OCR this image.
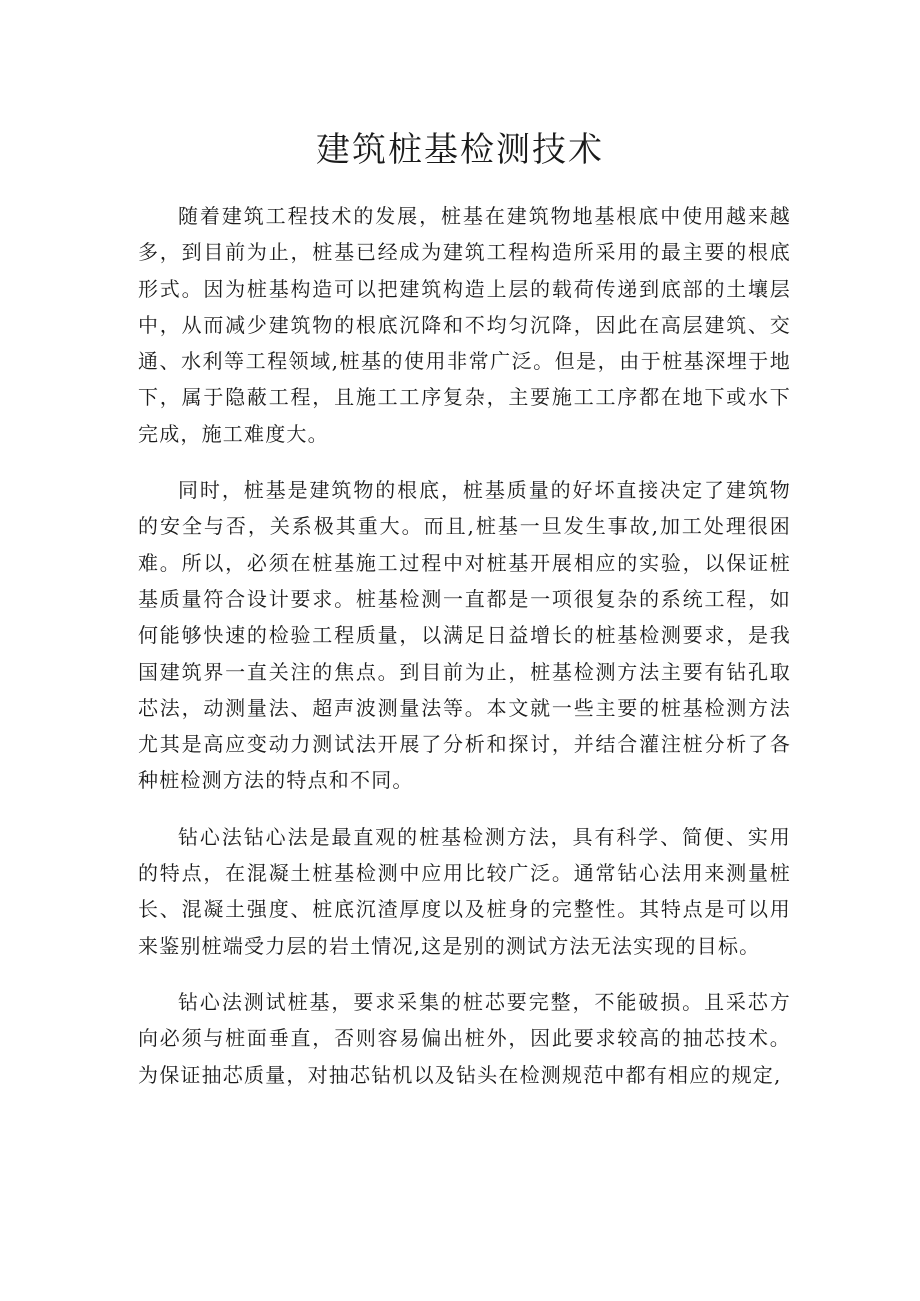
建筑桩基检测技术

随着建筑工程技术的发展，桩基在建筑物地基根底中使用越来越多，到目前为止，桩基已经成为建筑工程构造所采用的最主要的根底形式。因为桩基构造可以把建筑构造上层的载荷传递到底部的土壤层中，从而减少建筑物的根底沉降和不均匀沉降，因此在高层建筑、交通、水利等工程领域,桩基的使用非常广泛。但是，由于桩基深埋于地下，属于隐蔽工程，且施工工序复杂，主要施工工序都在地下或水下完成，施工难度大。

同时，桩基是建筑物的根底，桩基质量的好坏直接决定了建筑物的安全与否，关系极其重大。而且,桩基一旦发生事故,加工处理很困难。所以，必须在桩基施工过程中对桩基开展相应的实验，以保证桩基质量符合设计要求。桩基检测一直都是一项很复杂的系统工程，如何能够快速的检验工程质量，以满足日益增长的桩基检测要求，是我国建筑界一直关注的焦点。到目前为止，桩基检测方法主要有钻孔取芯法，动测量法、超声波测量法等。本文就一些主要的桩基检测方法尤其是高应变动力测试法开展了分析和探讨，并结合灌注桩分析了各种桩检测方法的特点和不同。

钻心法钻心法是最直观的桩基检测方法，具有科学、简便、实用的特点，在混凝土桩基检测中应用比较广泛。通常钻心法用来测量桩长、混凝土强度、桩底沉渣厚度以及桩身的完整性。其特点是可以用来鉴别桩端受力层的岩土情况,这是别的测试方法无法实现的目标。

钻心法测试桩基，要求采集的桩芯要完整，不能破损。且采芯方向必须与桩面垂直，否则容易偏出桩外，因此要求较高的抽芯技术。为保证抽芯质量，对抽芯钻机以及钻头在检测规范中都有相应的规定,
